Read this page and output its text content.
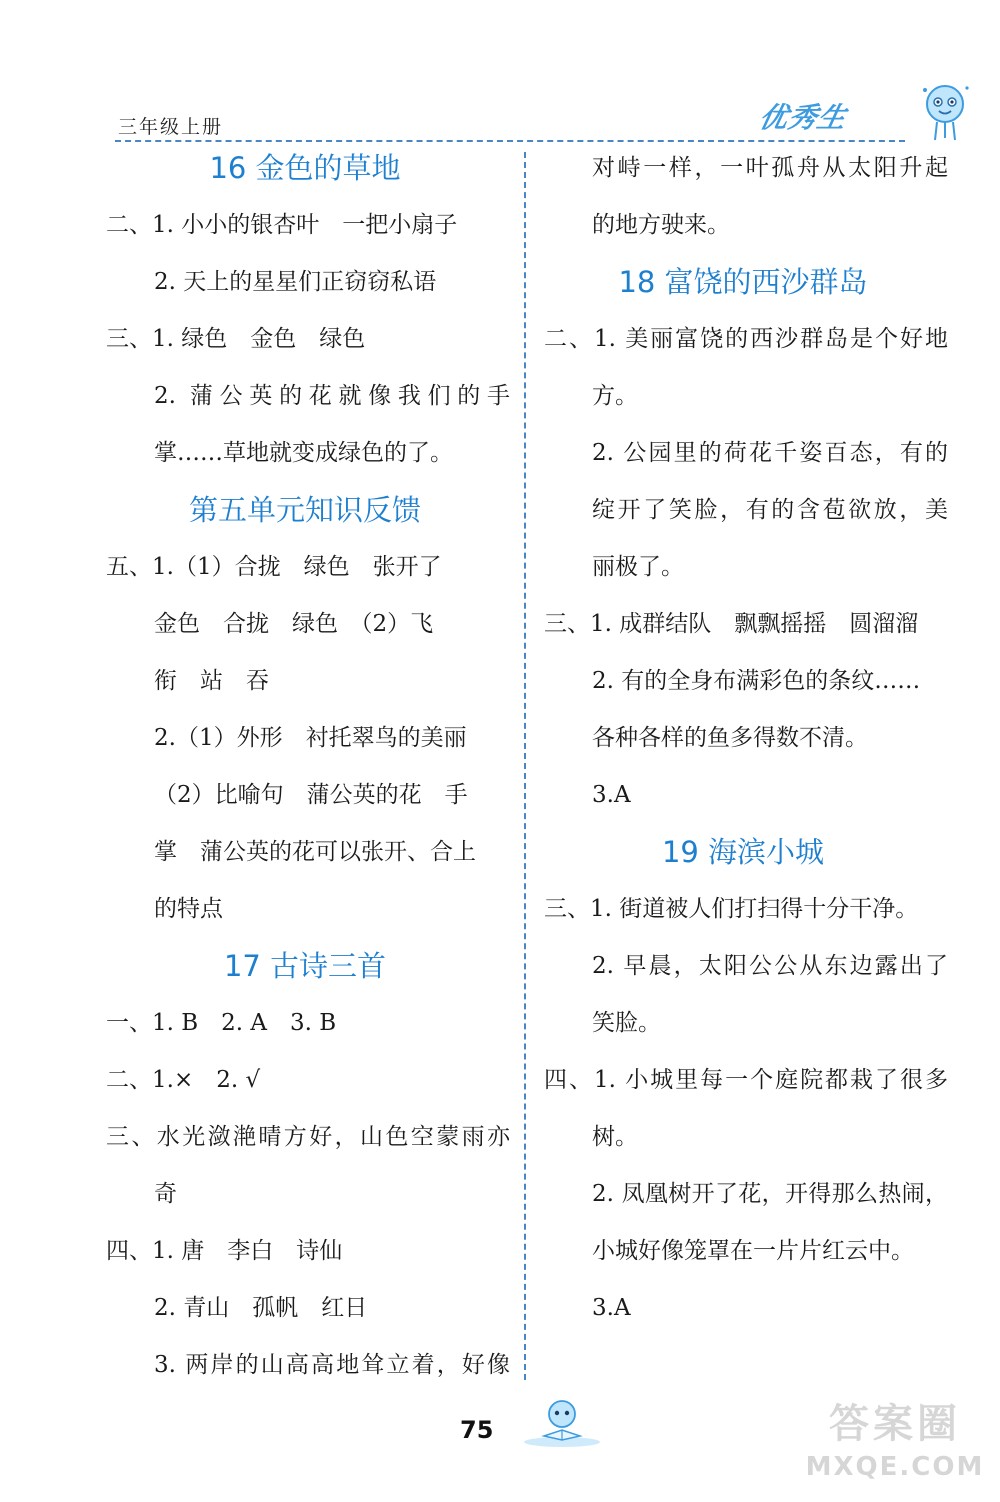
三年级上册	优秀生
16 金色的草地
二、1. 小小的银杏叶　一把小扇子
2. 天上的星星们正窃窃私语
三、1. 绿色　金色　绿色
2. 蒲公英的花就像我们的手
掌……草地就变成绿色的了。
第五单元知识反馈
五、1.（1）合拢　绿色　张开了
金色　合拢　绿色　（2）飞
衔　站　吞
2.（1）外形　衬托翠鸟的美丽
（2）比喻句　蒲公英的花　手
掌　蒲公英的花可以张开、合上
的特点
17 古诗三首
一、1. B　2. A　3. B
二、1.×　2. √
三、水光潋滟晴方好，山色空蒙雨亦
奇
四、1. 唐　李白　诗仙
2. 青山　孤帆　红日
3. 两岸的山高高地耸立着，好像
对峙一样，一叶孤舟从太阳升起
的地方驶来。
18 富饶的西沙群岛
二、1. 美丽富饶的西沙群岛是个好地
方。
2. 公园里的荷花千姿百态，有的
绽开了笑脸，有的含苞欲放，美
丽极了。
三、1. 成群结队　飘飘摇摇　圆溜溜
2. 有的全身布满彩色的条纹……
各种各样的鱼多得数不清。
3.A
19 海滨小城
三、1. 街道被人们打扫得十分干净。
2. 早晨，太阳公公从东边露出了
笑脸。
四、1. 小城里每一个庭院都栽了很多
树。
2. 凤凰树开了花，开得那么热闹，
小城好像笼罩在一片片红云中。
3.A
75	答案圈
MXQE.COM
